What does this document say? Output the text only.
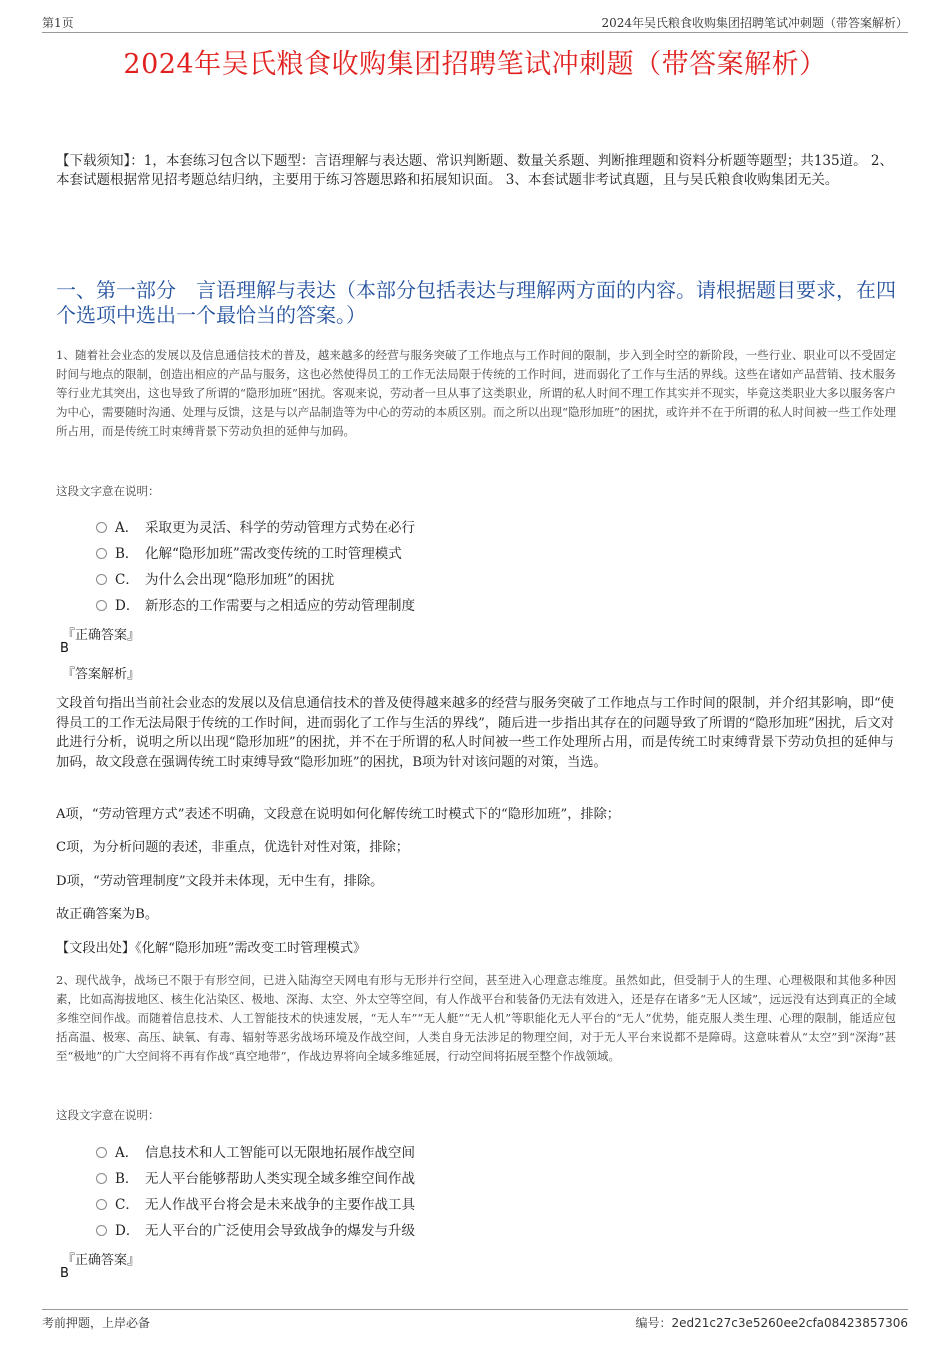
第1页	2024年吴氏粮食收购集团招聘笔试冲刺题（带答案解析）
2024年吴氏粮食收购集团招聘笔试冲刺题（带答案解析）
【下载须知】：1，本套练习包含以下题型：言语理解与表达题、常识判断题、数量关系题、判断推理题和资料分析题等题型；共135道。 2、本套试题根据常见招考题总结归纳，主要用于练习答题思路和拓展知识面。 3、本套试题非考试真题，且与吴氏粮食收购集团无关。
一、第一部分　言语理解与表达（本部分包括表达与理解两方面的内容。请根据题目要求，在四个选项中选出一个最恰当的答案。）
1、随着社会业态的发展以及信息通信技术的普及，越来越多的经营与服务突破了工作地点与工作时间的限制，步入到全时空的新阶段，一些行业、职业可以不受固定时间与地点的限制，创造出相应的产品与服务，这也必然使得员工的工作无法局限于传统的工作时间，进而弱化了工作与生活的界线。这些在诸如产品营销、技术服务等行业尤其突出，这也导致了所谓的“隐形加班”困扰。客观来说，劳动者一旦从事了这类职业，所谓的私人时间不理工作其实并不现实，毕竟这类职业大多以服务客户为中心，需要随时沟通、处理与反馈，这是与以产品制造等为中心的劳动的本质区别。而之所以出现“隐形加班”的困扰，或许并不在于所谓的私人时间被一些工作处理所占用，而是传统工时束缚背景下劳动负担的延伸与加码。
这段文字意在说明：
A． 采取更为灵活、科学的劳动管理方式势在必行
B． 化解“隐形加班”需改变传统的工时管理模式
C． 为什么会出现“隐形加班”的困扰
D． 新形态的工作需要与之相适应的劳动管理制度
『正确答案』
B
『答案解析』
文段首句指出当前社会业态的发展以及信息通信技术的普及使得越来越多的经营与服务突破了工作地点与工作时间的限制，并介绍其影响，即“使得员工的工作无法局限于传统的工作时间，进而弱化了工作与生活的界线”，随后进一步指出其存在的问题导致了所谓的“隐形加班”困扰，后文对此进行分析，说明之所以出现“隐形加班”的困扰，并不在于所谓的私人时间被一些工作处理所占用，而是传统工时束缚背景下劳动负担的延伸与加码，故文段意在强调传统工时束缚导致“隐形加班”的困扰，B项为针对该问题的对策，当选。
A项，“劳动管理方式”表述不明确，文段意在说明如何化解传统工时模式下的“隐形加班”，排除；
C项，为分析问题的表述，非重点，优选针对性对策，排除；
D项，“劳动管理制度”文段并未体现，无中生有，排除。
故正确答案为B。
【文段出处】《化解“隐形加班”需改变工时管理模式》
2、现代战争，战场已不限于有形空间，已进入陆海空天网电有形与无形并行空间，甚至进入心理意志维度。虽然如此，但受制于人的生理、心理极限和其他多种因素，比如高海拔地区、核生化沾染区、极地、深海、太空、外太空等空间，有人作战平台和装备仍无法有效进入，还是存在诸多“无人区域”，远远没有达到真正的全域多维空间作战。而随着信息技术、人工智能技术的快速发展，“无人车”“无人艇”“无人机”等职能化无人平台的“无人”优势，能克服人类生理、心理的限制，能适应包括高温、极寒、高压、缺氧、有毒、辐射等恶劣战场环境及作战空间，人类自身无法涉足的物理空间，对于无人平台来说都不是障碍。这意味着从“太空”到“深海”甚至“极地”的广大空间将不再有作战“真空地带”，作战边界将向全域多维延展，行动空间将拓展至整个作战领域。
这段文字意在说明：
A． 信息技术和人工智能可以无限地拓展作战空间
B． 无人平台能够帮助人类实现全域多维空间作战
C． 无人作战平台将会是未来战争的主要作战工具
D． 无人平台的广泛使用会导致战争的爆发与升级
『正确答案』
B
考前押题，上岸必备	编号：2ed21c27c3e5260ee2cfa08423857306
